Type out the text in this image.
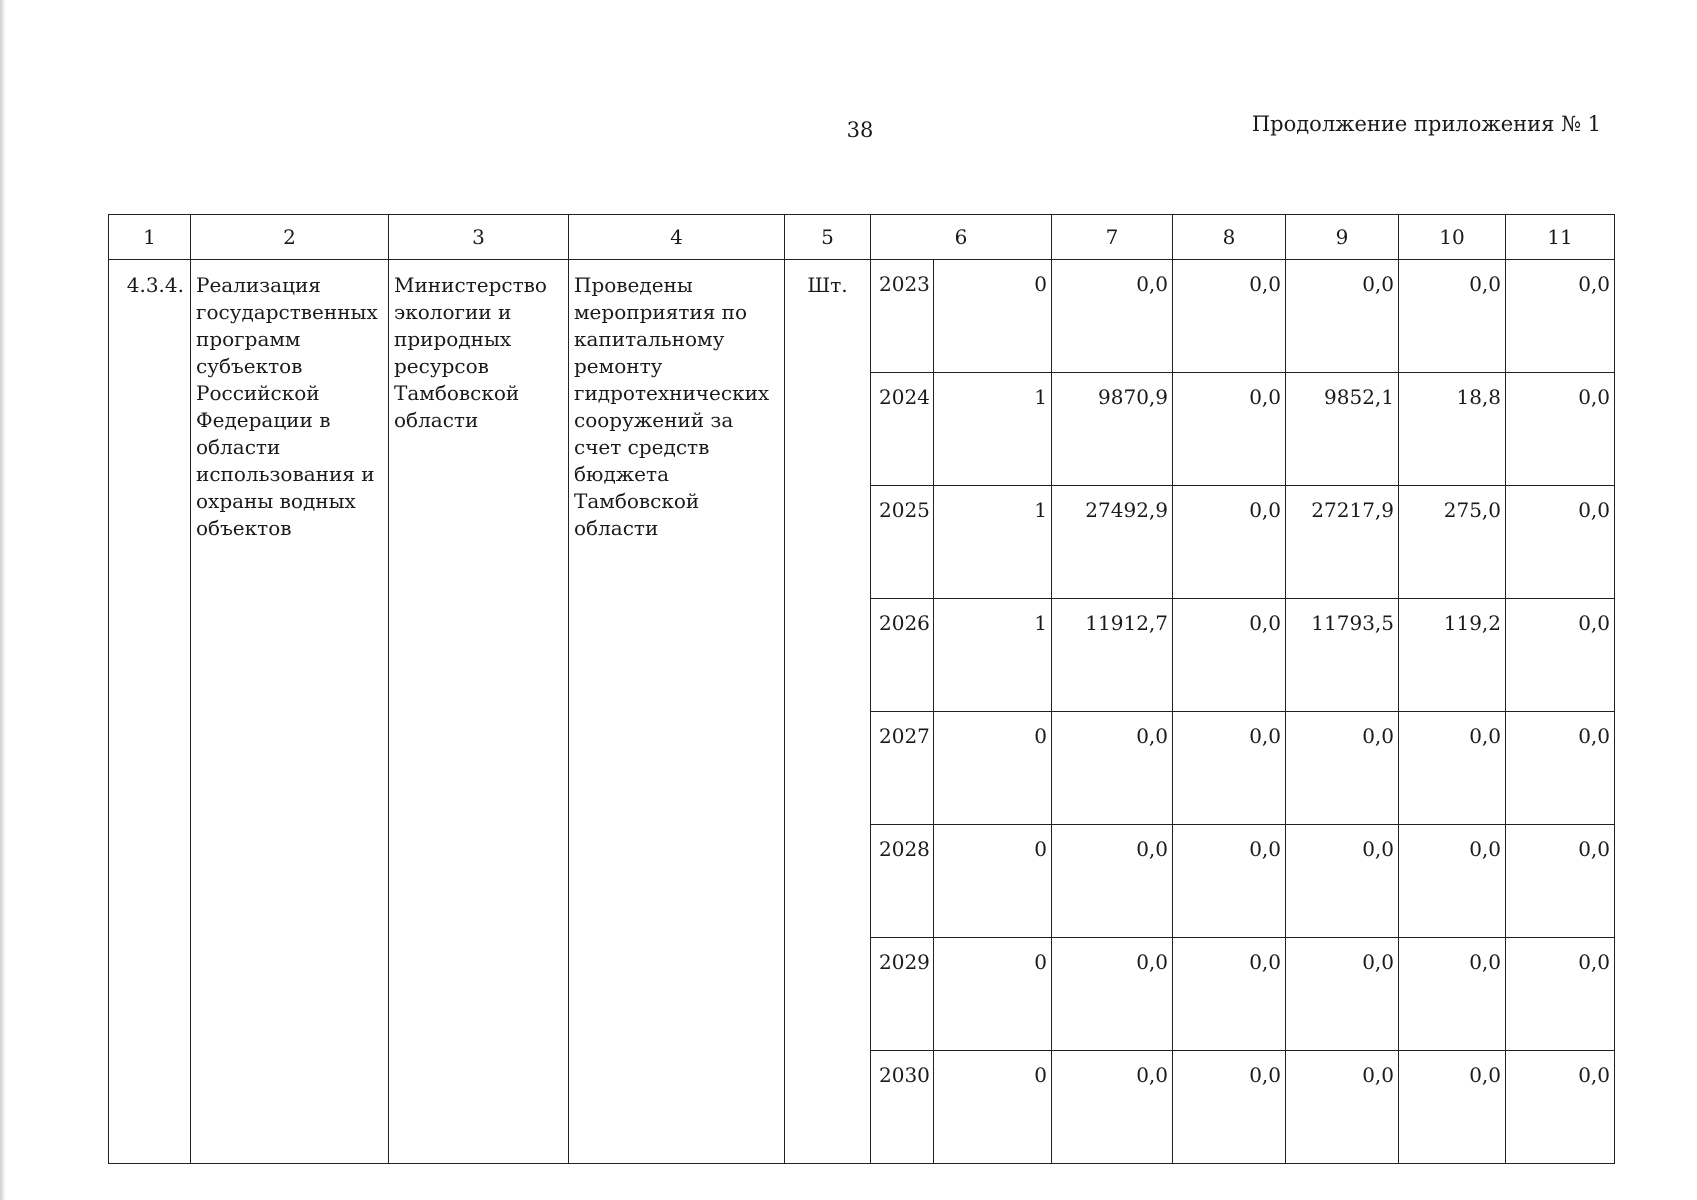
38	Продолжение приложения № 1
1	2	3	4	5	6		7	8	9	10	11
4.3.4.	Реализация государственных программ субъектов Российской Федерации в области использования и охраны водных объектов	Министерство экологии и природных ресурсов Тамбовской области	Проведены мероприятия по капитальному ремонту гидротехнических сооружений за счет средств бюджета Тамбовской области	Шт.	2023	0	0,0	0,0	0,0	0,0	0,0
					2024	1	9870,9	0,0	9852,1	18,8	0,0
					2025	1	27492,9	0,0	27217,9	275,0	0,0
					2026	1	11912,7	0,0	11793,5	119,2	0,0
					2027	0	0,0	0,0	0,0	0,0	0,0
					2028	0	0,0	0,0	0,0	0,0	0,0
					2029	0	0,0	0,0	0,0	0,0	0,0
					2030	0	0,0	0,0	0,0	0,0	0,0
